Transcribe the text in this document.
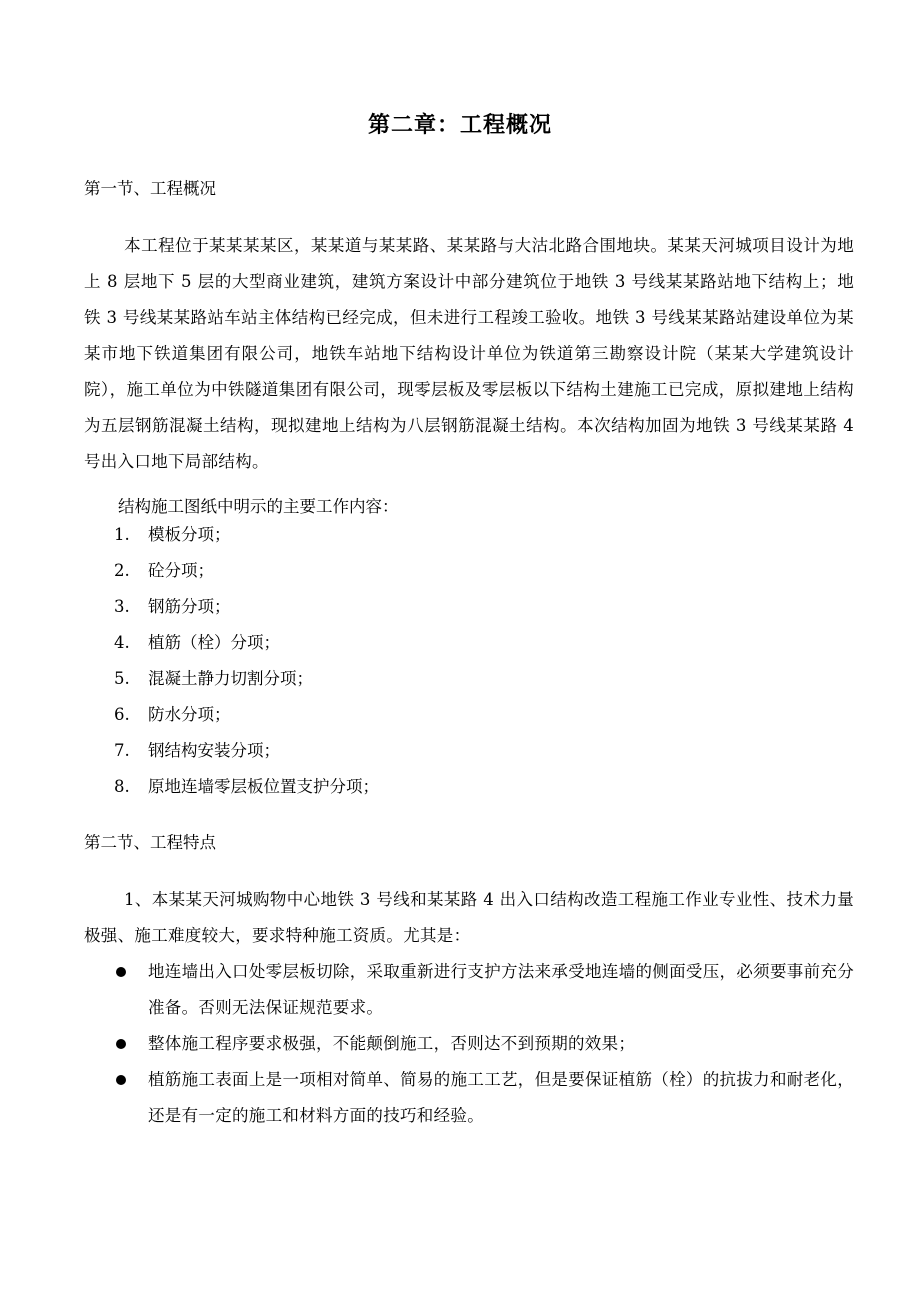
第二章：工程概况
第一节、工程概况
本工程位于某某某某区，某某道与某某路、某某路与大沽北路合围地块。某某天河城项目设计为地上 8 层地下 5 层的大型商业建筑，建筑方案设计中部分建筑位于地铁 3 号线某某路站地下结构上；地铁 3 号线某某路站车站主体结构已经完成，但未进行工程竣工验收。地铁 3 号线某某路站建设单位为某某市地下铁道集团有限公司，地铁车站地下结构设计单位为铁道第三勘察设计院（某某大学建筑设计院），施工单位为中铁隧道集团有限公司，现零层板及零层板以下结构土建施工已完成，原拟建地上结构为五层钢筋混凝土结构，现拟建地上结构为八层钢筋混凝土结构。本次结构加固为地铁 3 号线某某路 4 号出入口地下局部结构。
结构施工图纸中明示的主要工作内容：
1. 模板分项；
2. 砼分项；
3. 钢筋分项；
4. 植筋（栓）分项；
5. 混凝土静力切割分项；
6. 防水分项；
7. 钢结构安装分项；
8. 原地连墙零层板位置支护分项；
第二节、工程特点
1、本某某天河城购物中心地铁 3 号线和某某路 4 出入口结构改造工程施工作业专业性、技术力量极强、施工难度较大，要求特种施工资质。尤其是：
地连墙出入口处零层板切除，采取重新进行支护方法来承受地连墙的侧面受压，必须要事前充分准备。否则无法保证规范要求。
整体施工程序要求极强，不能颠倒施工，否则达不到预期的效果；
植筋施工表面上是一项相对简单、简易的施工工艺，但是要保证植筋（栓）的抗拔力和耐老化，还是有一定的施工和材料方面的技巧和经验。
